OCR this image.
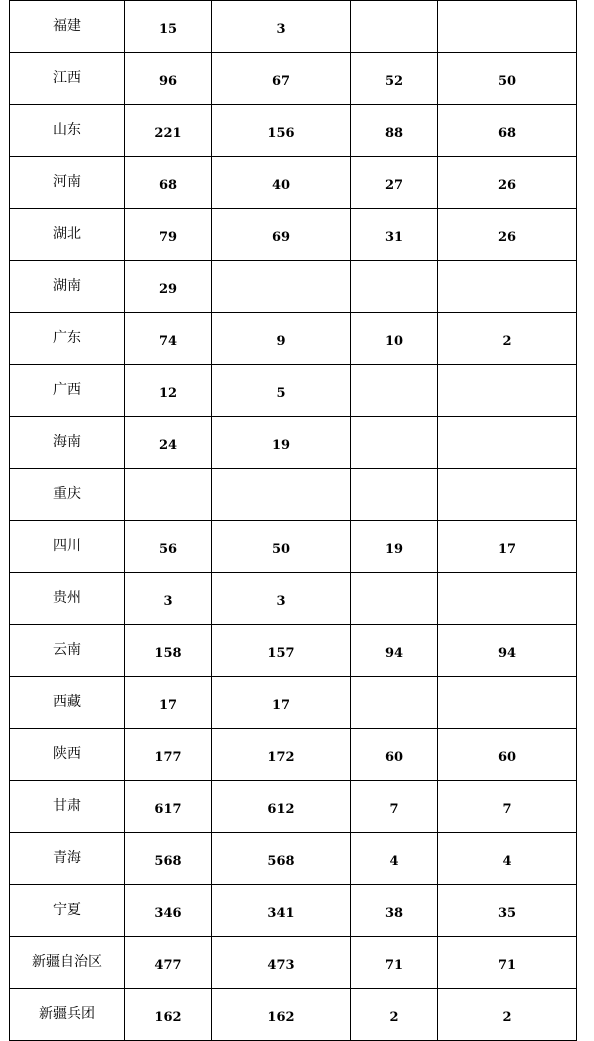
福建	15	3		
江西	96	67	52	50
山东	221	156	88	68
河南	68	40	27	26
湖北	79	69	31	26
湖南	29			
广东	74	9	10	2
广西	12	5		
海南	24	19		
重庆				
四川	56	50	19	17
贵州	3	3		
云南	158	157	94	94
西藏	17	17		
陕西	177	172	60	60
甘肃	617	612	7	7
青海	568	568	4	4
宁夏	346	341	38	35
新疆自治区	477	473	71	71
新疆兵团	162	162	2	2
